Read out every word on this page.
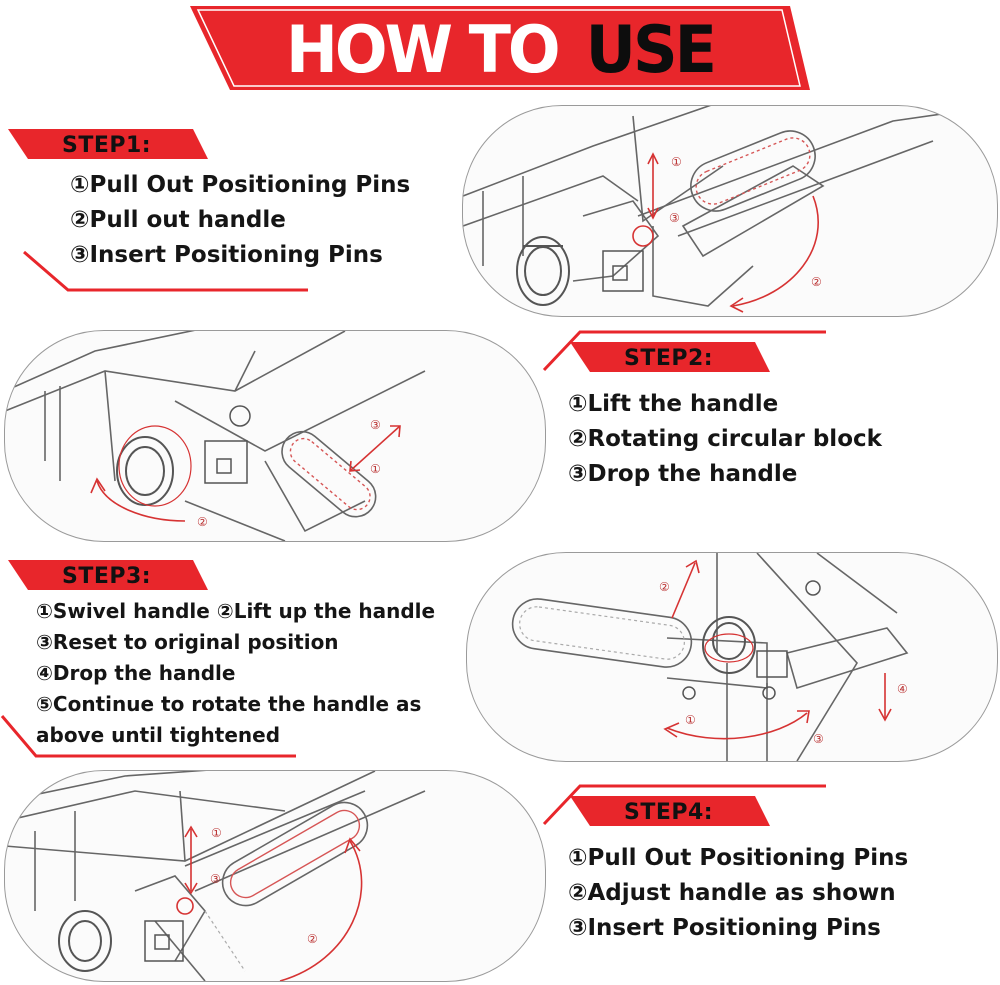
HOW TO USE
STEP1:
①Pull Out Positioning Pins
②Pull out handle
③Insert Positioning Pins
①
③
②
③
①
②
STEP2:
①Lift the handle
②Rotating circular block
③Drop the handle
STEP3:
①Swivel handle ②Lift up the handle
③Reset to original position
④Drop the handle
⑤Continue to rotate the handle as
above until tightened
②
④
①
③
①
③
②
STEP4:
①Pull Out Positioning Pins
②Adjust handle as shown
③Insert Positioning Pins
